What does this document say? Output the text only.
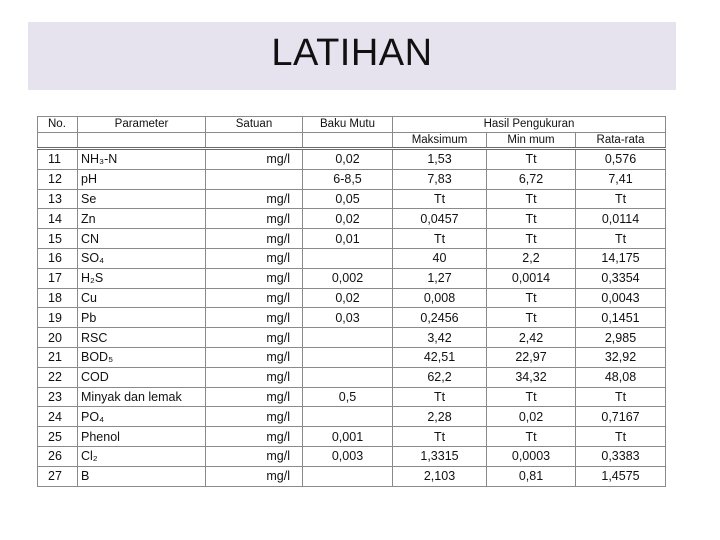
LATIHAN
No.	Parameter	Satuan	Baku Mutu	Hasil Pengukuran		
				Maksimum	Min mum	Rata-rata
11	NH₃-N	mg/l	0,02	1,53	Tt	0,576
12	pH		6-8,5	7,83	6,72	7,41
13	Se	mg/l	0,05	Tt	Tt	Tt
14	Zn	mg/l	0,02	0,0457	Tt	0,0114
15	CN	mg/l	0,01	Tt	Tt	Tt
16	SO₄	mg/l		40	2,2	14,175
17	H₂S	mg/l	0,002	1,27	0,0014	0,3354
18	Cu	mg/l	0,02	0,008	Tt	0,0043
19	Pb	mg/l	0,03	0,2456	Tt	0,1451
20	RSC	mg/l		3,42	2,42	2,985
21	BOD₅	mg/l		42,51	22,97	32,92
22	COD	mg/l		62,2	34,32	48,08
23	Minyak dan lemak	mg/l	0,5	Tt	Tt	Tt
24	PO₄	mg/l		2,28	0,02	0,7167
25	Phenol	mg/l	0,001	Tt	Tt	Tt
26	Cl₂	mg/l	0,003	1,3315	0,0003	0,3383
27	B	mg/l		2,103	0,81	1,4575
